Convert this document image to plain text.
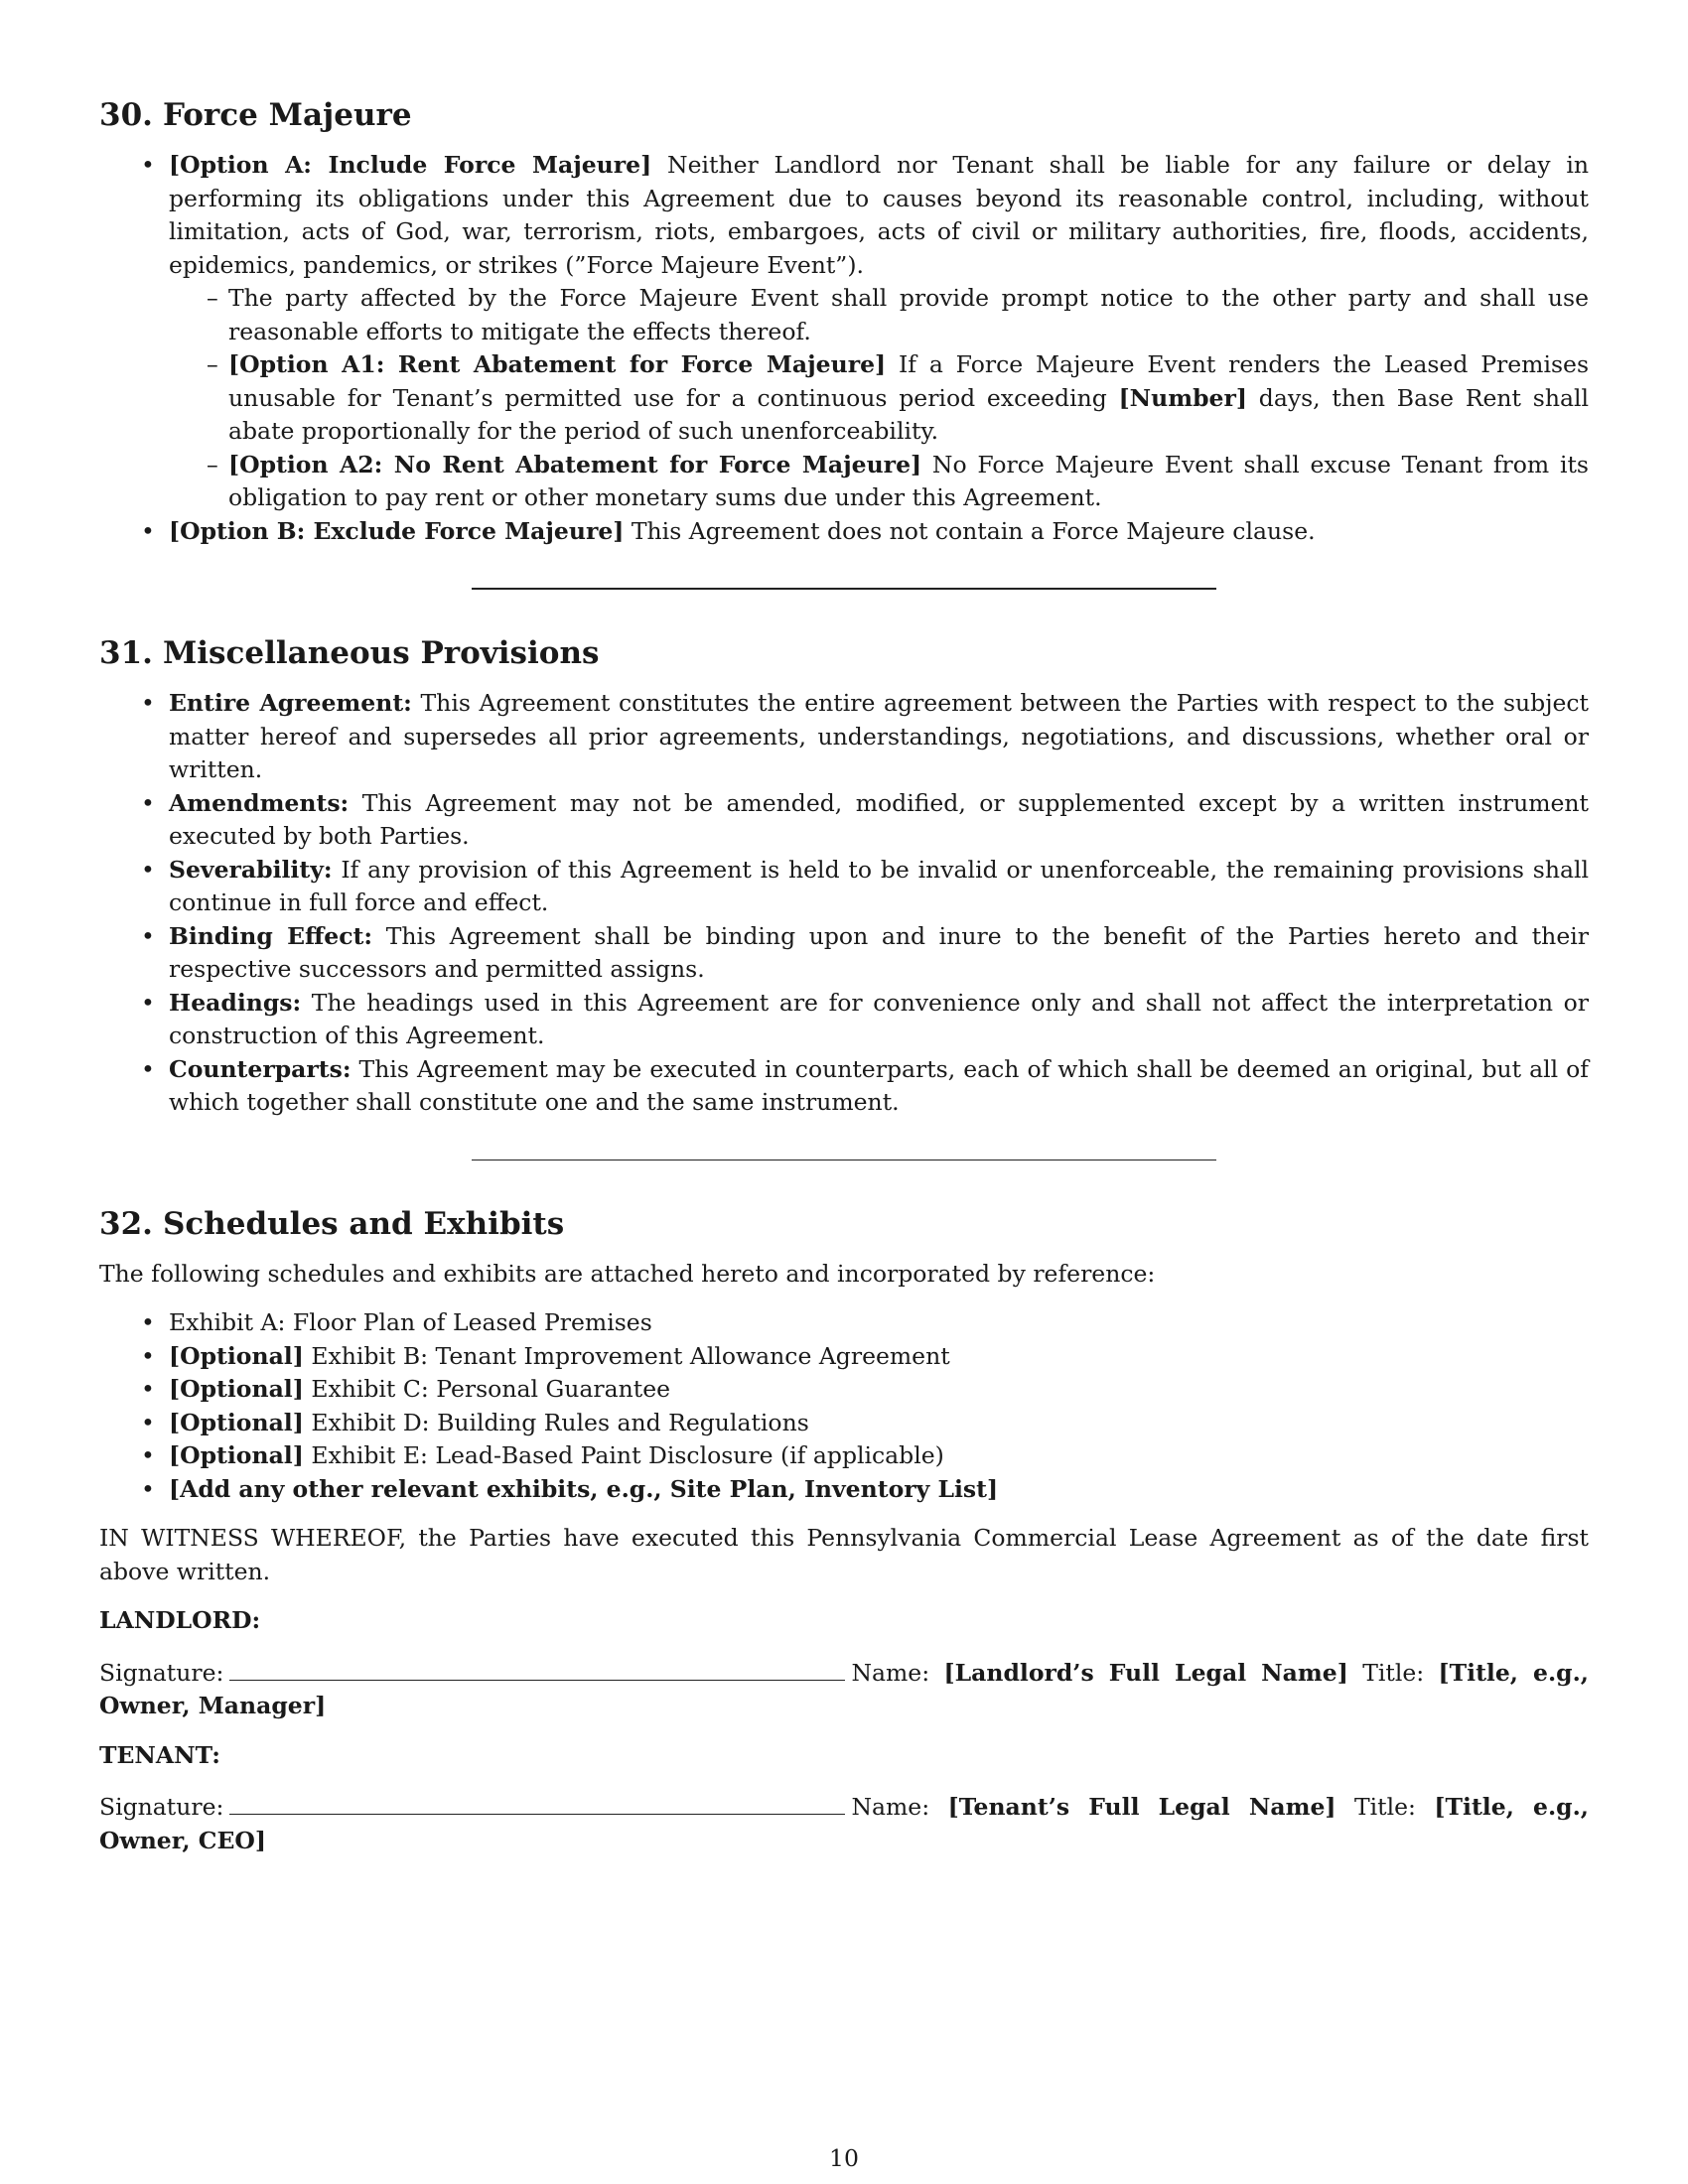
30. Force Majeure
• [Option A: Include Force Majeure] Neither Landlord nor Tenant shall be liable for any failure or delay in performing its obligations under this Agreement due to causes beyond its reasonable control, including, without limitation, acts of God, war, terrorism, riots, embargoes, acts of civil or military authorities, fire, floods, accidents, epidemics, pandemics, or strikes (”Force Majeure Event”).
– The party affected by the Force Majeure Event shall provide prompt notice to the other party and shall use reasonable efforts to mitigate the effects thereof.
– [Option A1: Rent Abatement for Force Majeure] If a Force Majeure Event renders the Leased Premises unusable for Tenant’s permitted use for a continuous period exceeding [Number] days, then Base Rent shall abate proportionally for the period of such unenforceability.
– [Option A2: No Rent Abatement for Force Majeure] No Force Majeure Event shall excuse Tenant from its obligation to pay rent or other monetary sums due under this Agreement.
• [Option B: Exclude Force Majeure] This Agreement does not contain a Force Majeure clause.
31. Miscellaneous Provisions
• Entire Agreement: This Agreement constitutes the entire agreement between the Parties with respect to the subject matter hereof and supersedes all prior agreements, understandings, negotiations, and discussions, whether oral or written.
• Amendments: This Agreement may not be amended, modified, or supplemented except by a written instrument executed by both Parties.
• Severability: If any provision of this Agreement is held to be invalid or unenforceable, the remaining provisions shall continue in full force and effect.
• Binding Effect: This Agreement shall be binding upon and inure to the benefit of the Parties hereto and their respective successors and permitted assigns.
• Headings: The headings used in this Agreement are for convenience only and shall not affect the interpretation or construction of this Agreement.
• Counterparts: This Agreement may be executed in counterparts, each of which shall be deemed an original, but all of which together shall constitute one and the same instrument.
32. Schedules and Exhibits

The following schedules and exhibits are attached hereto and incorporated by reference:

• Exhibit A: Floor Plan of Leased Premises
• [Optional] Exhibit B: Tenant Improvement Allowance Agreement
• [Optional] Exhibit C: Personal Guarantee
• [Optional] Exhibit D: Building Rules and Regulations
• [Optional] Exhibit E: Lead-Based Paint Disclosure (if applicable)
• [Add any other relevant exhibits, e.g., Site Plan, Inventory List]

IN WITNESS WHEREOF, the Parties have executed this Pennsylvania Commercial Lease Agreement as of the date first above written.

LANDLORD:

Signature:	Name: [Landlord’s Full Legal Name] Title: [Title, e.g., Owner, Manager]

TENANT:

Signature:	Name: [Tenant’s Full Legal Name] Title: [Title, e.g., Owner, CEO]

10
